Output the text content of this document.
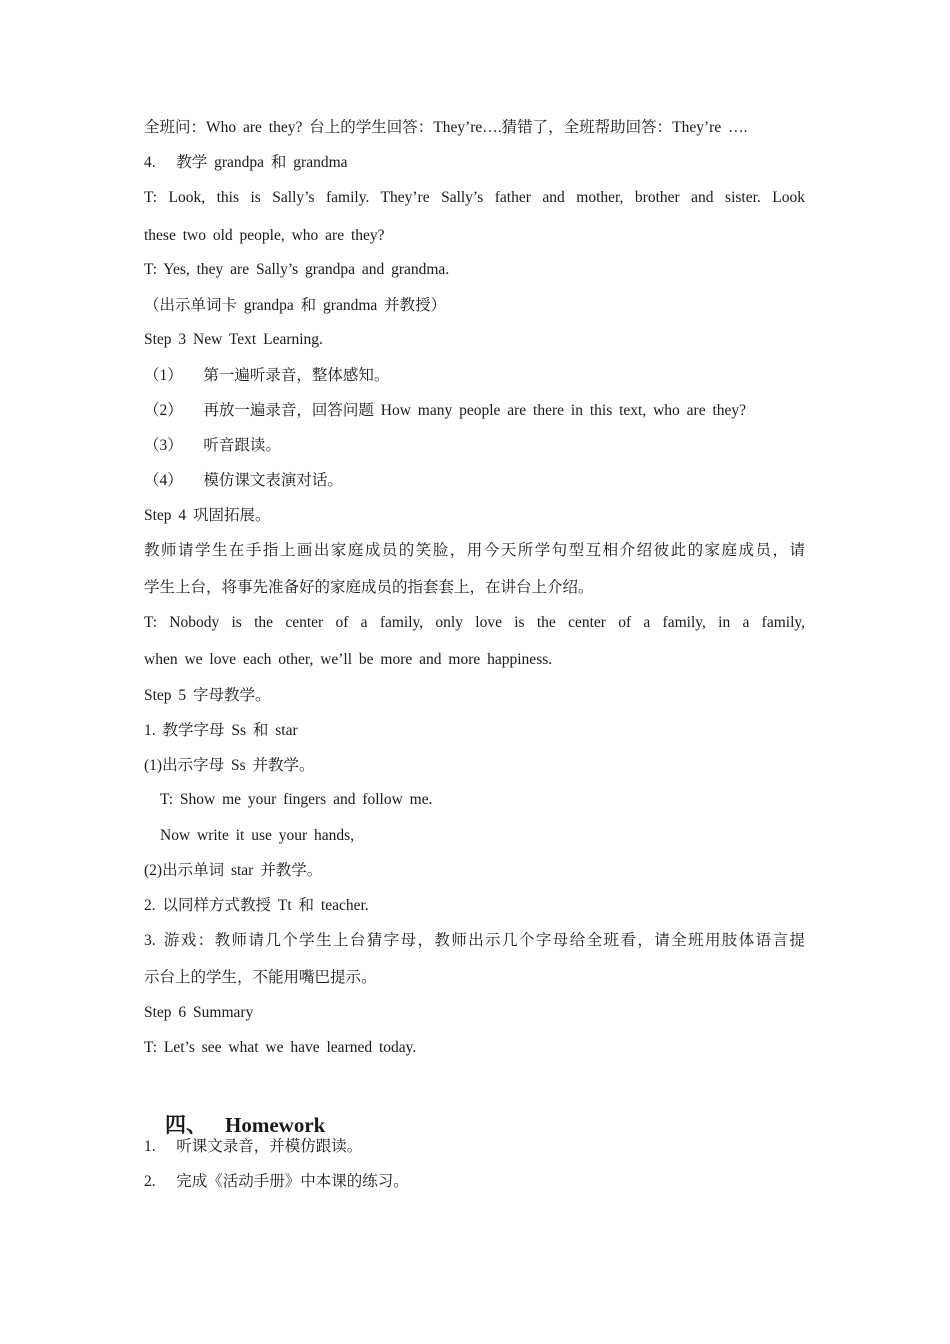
全班问：Who are they? 台上的学生回答：They’re….猜错了，全班帮助回答：They’re ….
4.   教学 grandpa 和 grandma
T: Look, this is Sally’s family. They’re Sally’s father and mother, brother and sister. Look
these two old people, who are they?
T: Yes, they are Sally’s grandpa and grandma.
（出示单词卡 grandpa 和 grandma 并教授）
Step 3 New Text Learning.
（1）   第一遍听录音，整体感知。
（2）   再放一遍录音，回答问题 How many people are there in this text, who are they?
（3）   听音跟读。
（4）   模仿课文表演对话。
Step 4 巩固拓展。
教师请学生在手指上画出家庭成员的笑脸，用今天所学句型互相介绍彼此的家庭成员，请
学生上台，将事先准备好的家庭成员的指套套上，在讲台上介绍。
T: Nobody is the center of a family, only love is the center of a family, in a family,
when we love each other, we’ll be more and more happiness.
Step 5 字母教学。
1. 教学字母 Ss 和 star
(1)出示字母 Ss 并教学。
T: Show me your fingers and follow me.
Now write it use your hands,
(2)出示单词 star 并教学。
2. 以同样方式教授 Tt 和 teacher.
3. 游戏：教师请几个学生上台猜字母，教师出示几个字母给全班看，请全班用肢体语言提
示台上的学生，不能用嘴巴提示。
Step 6 Summary
T: Let’s see what we have learned today.

四、 Homework

1.   听课文录音，并模仿跟读。
2.   完成《活动手册》中本课的练习。
